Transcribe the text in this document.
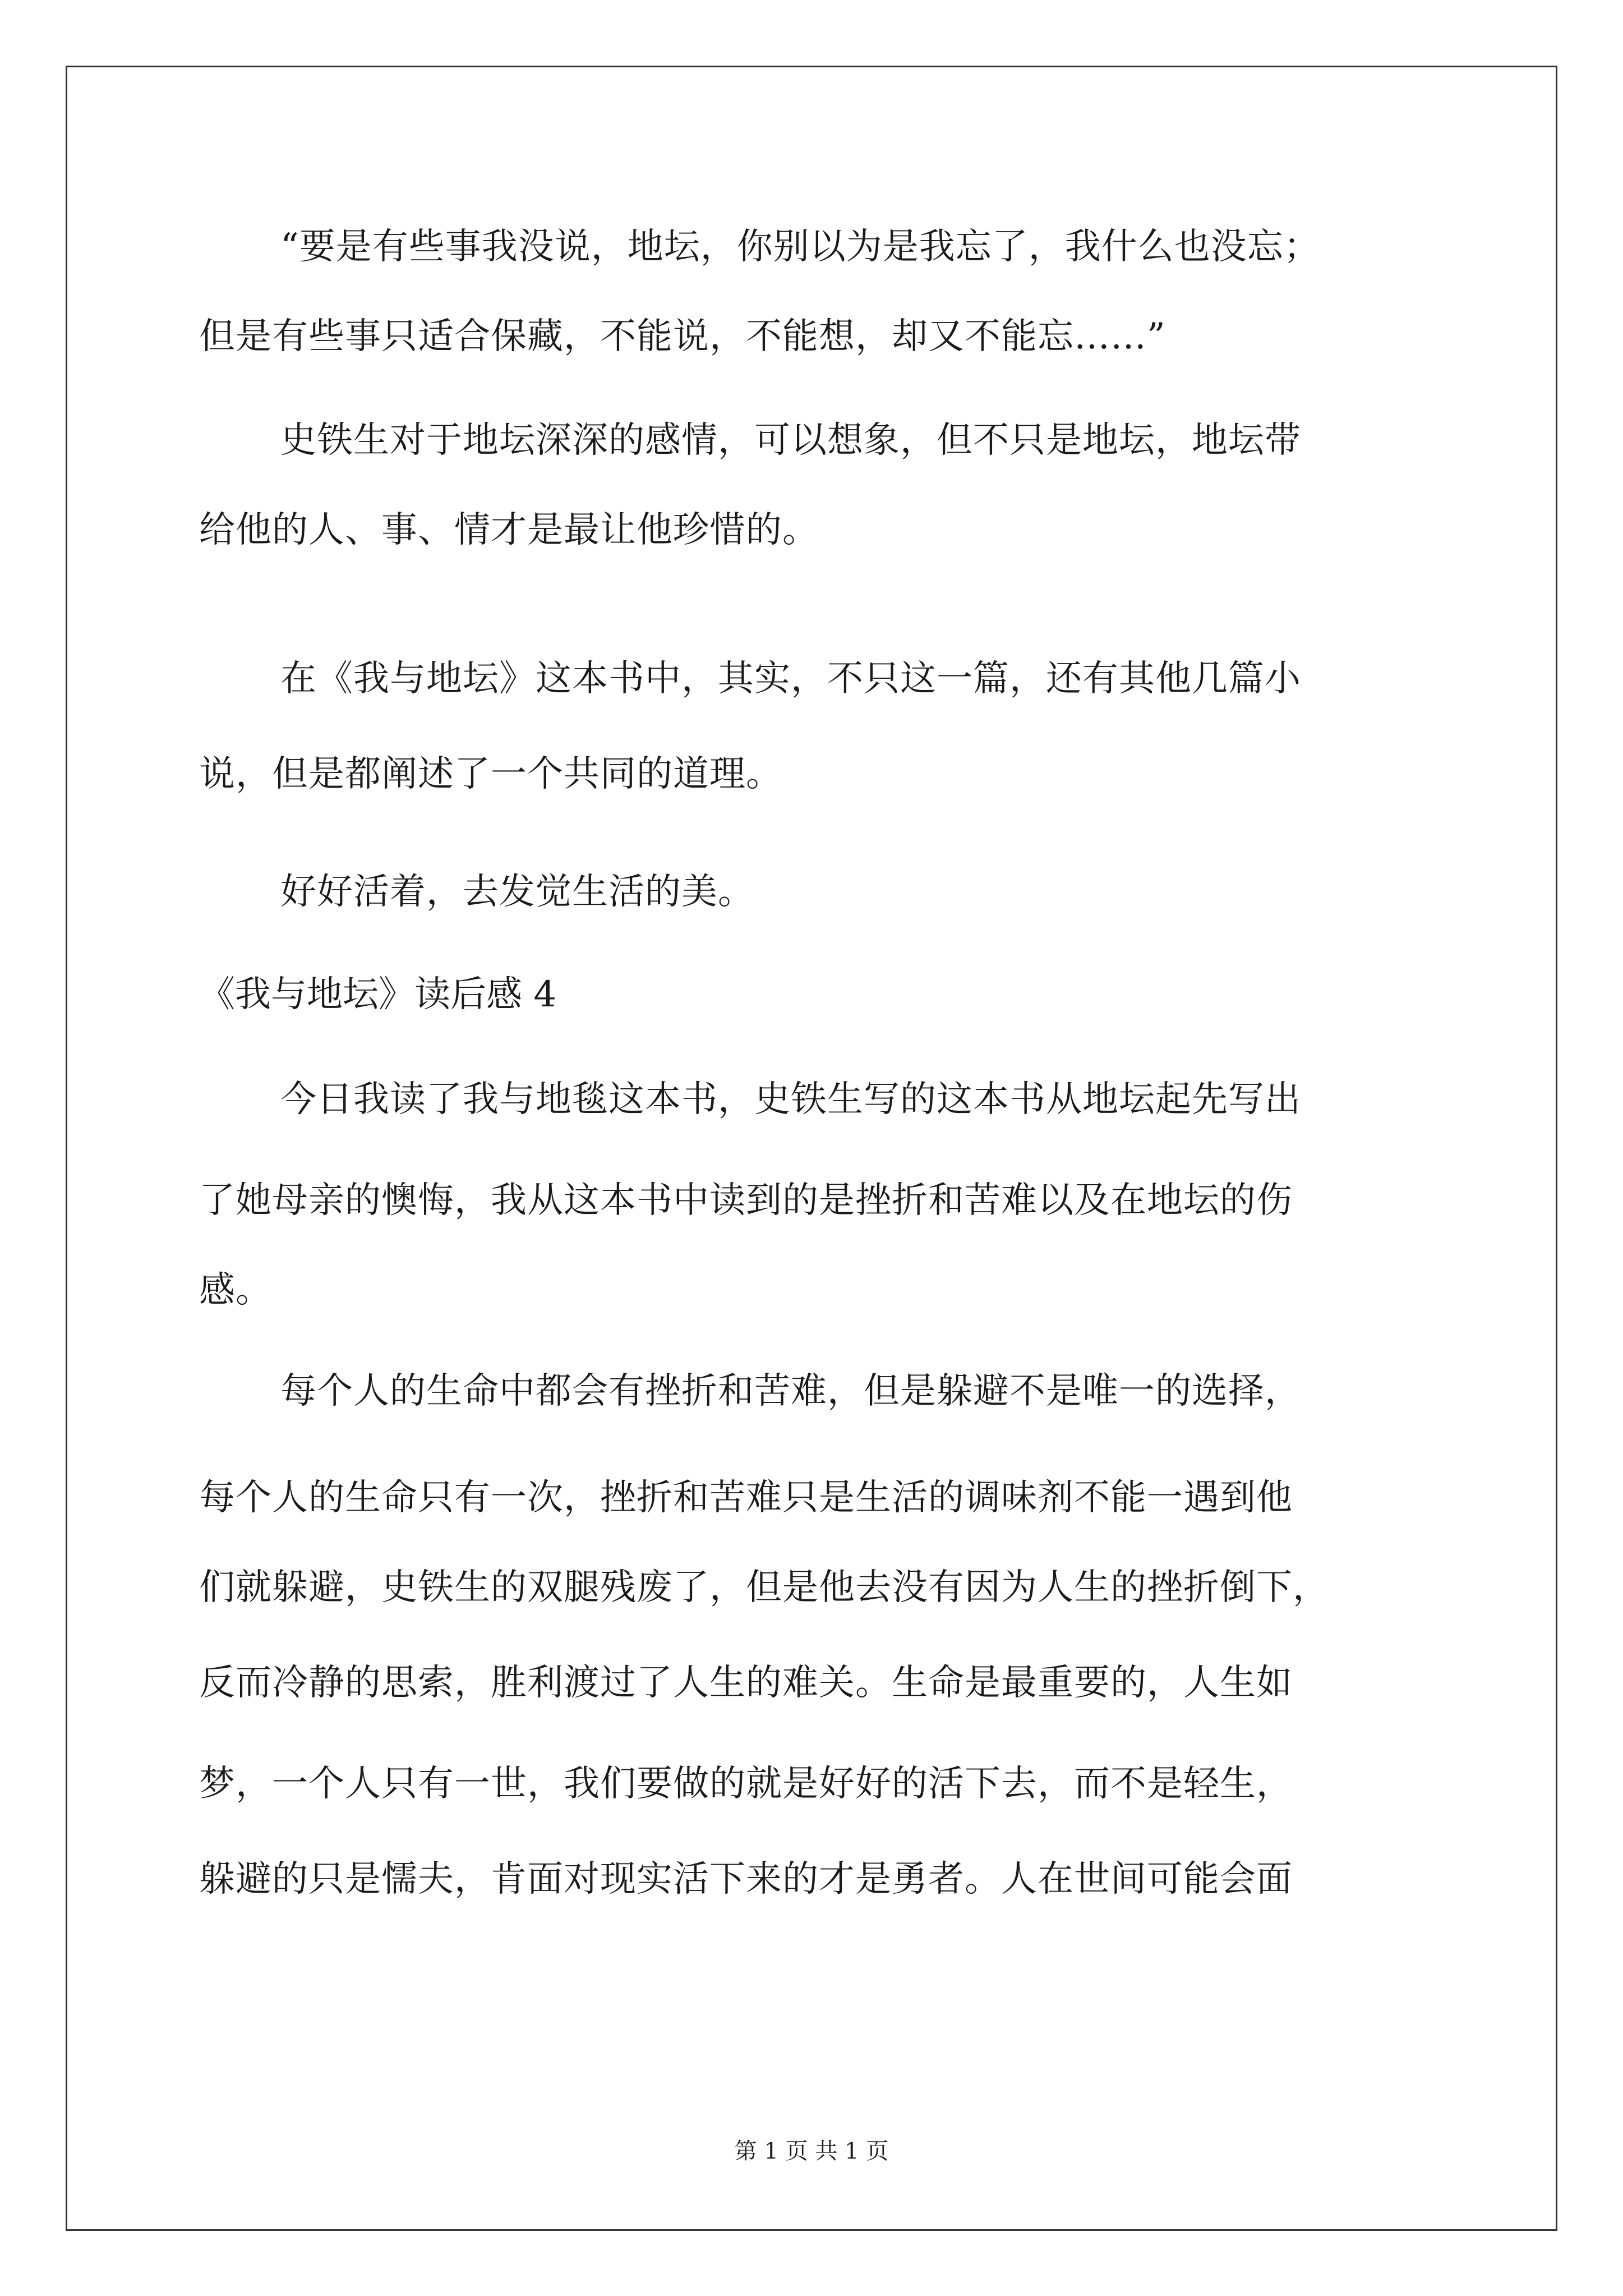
“要是有些事我没说，地坛，你别以为是我忘了，我什么也没忘；
但是有些事只适合保藏，不能说，不能想，却又不能忘……”
史铁生对于地坛深深的感情，可以想象，但不只是地坛，地坛带
给他的人、事、情才是最让他珍惜的。
在《我与地坛》这本书中，其实，不只这一篇，还有其他几篇小
说，但是都阐述了一个共同的道理。
好好活着，去发觉生活的美。
《我与地坛》读后感 4
今日我读了我与地毯这本书，史铁生写的这本书从地坛起先写出
了她母亲的懊悔，我从这本书中读到的是挫折和苦难以及在地坛的伤
感。
每个人的生命中都会有挫折和苦难，但是躲避不是唯一的选择，
每个人的生命只有一次，挫折和苦难只是生活的调味剂不能一遇到他
们就躲避，史铁生的双腿残废了，但是他去没有因为人生的挫折倒下，
反而冷静的思索，胜利渡过了人生的难关。生命是最重要的，人生如
梦，一个人只有一世，我们要做的就是好好的活下去，而不是轻生，
躲避的只是懦夫，肯面对现实活下来的才是勇者。人在世间可能会面
第 1 页 共 1 页
